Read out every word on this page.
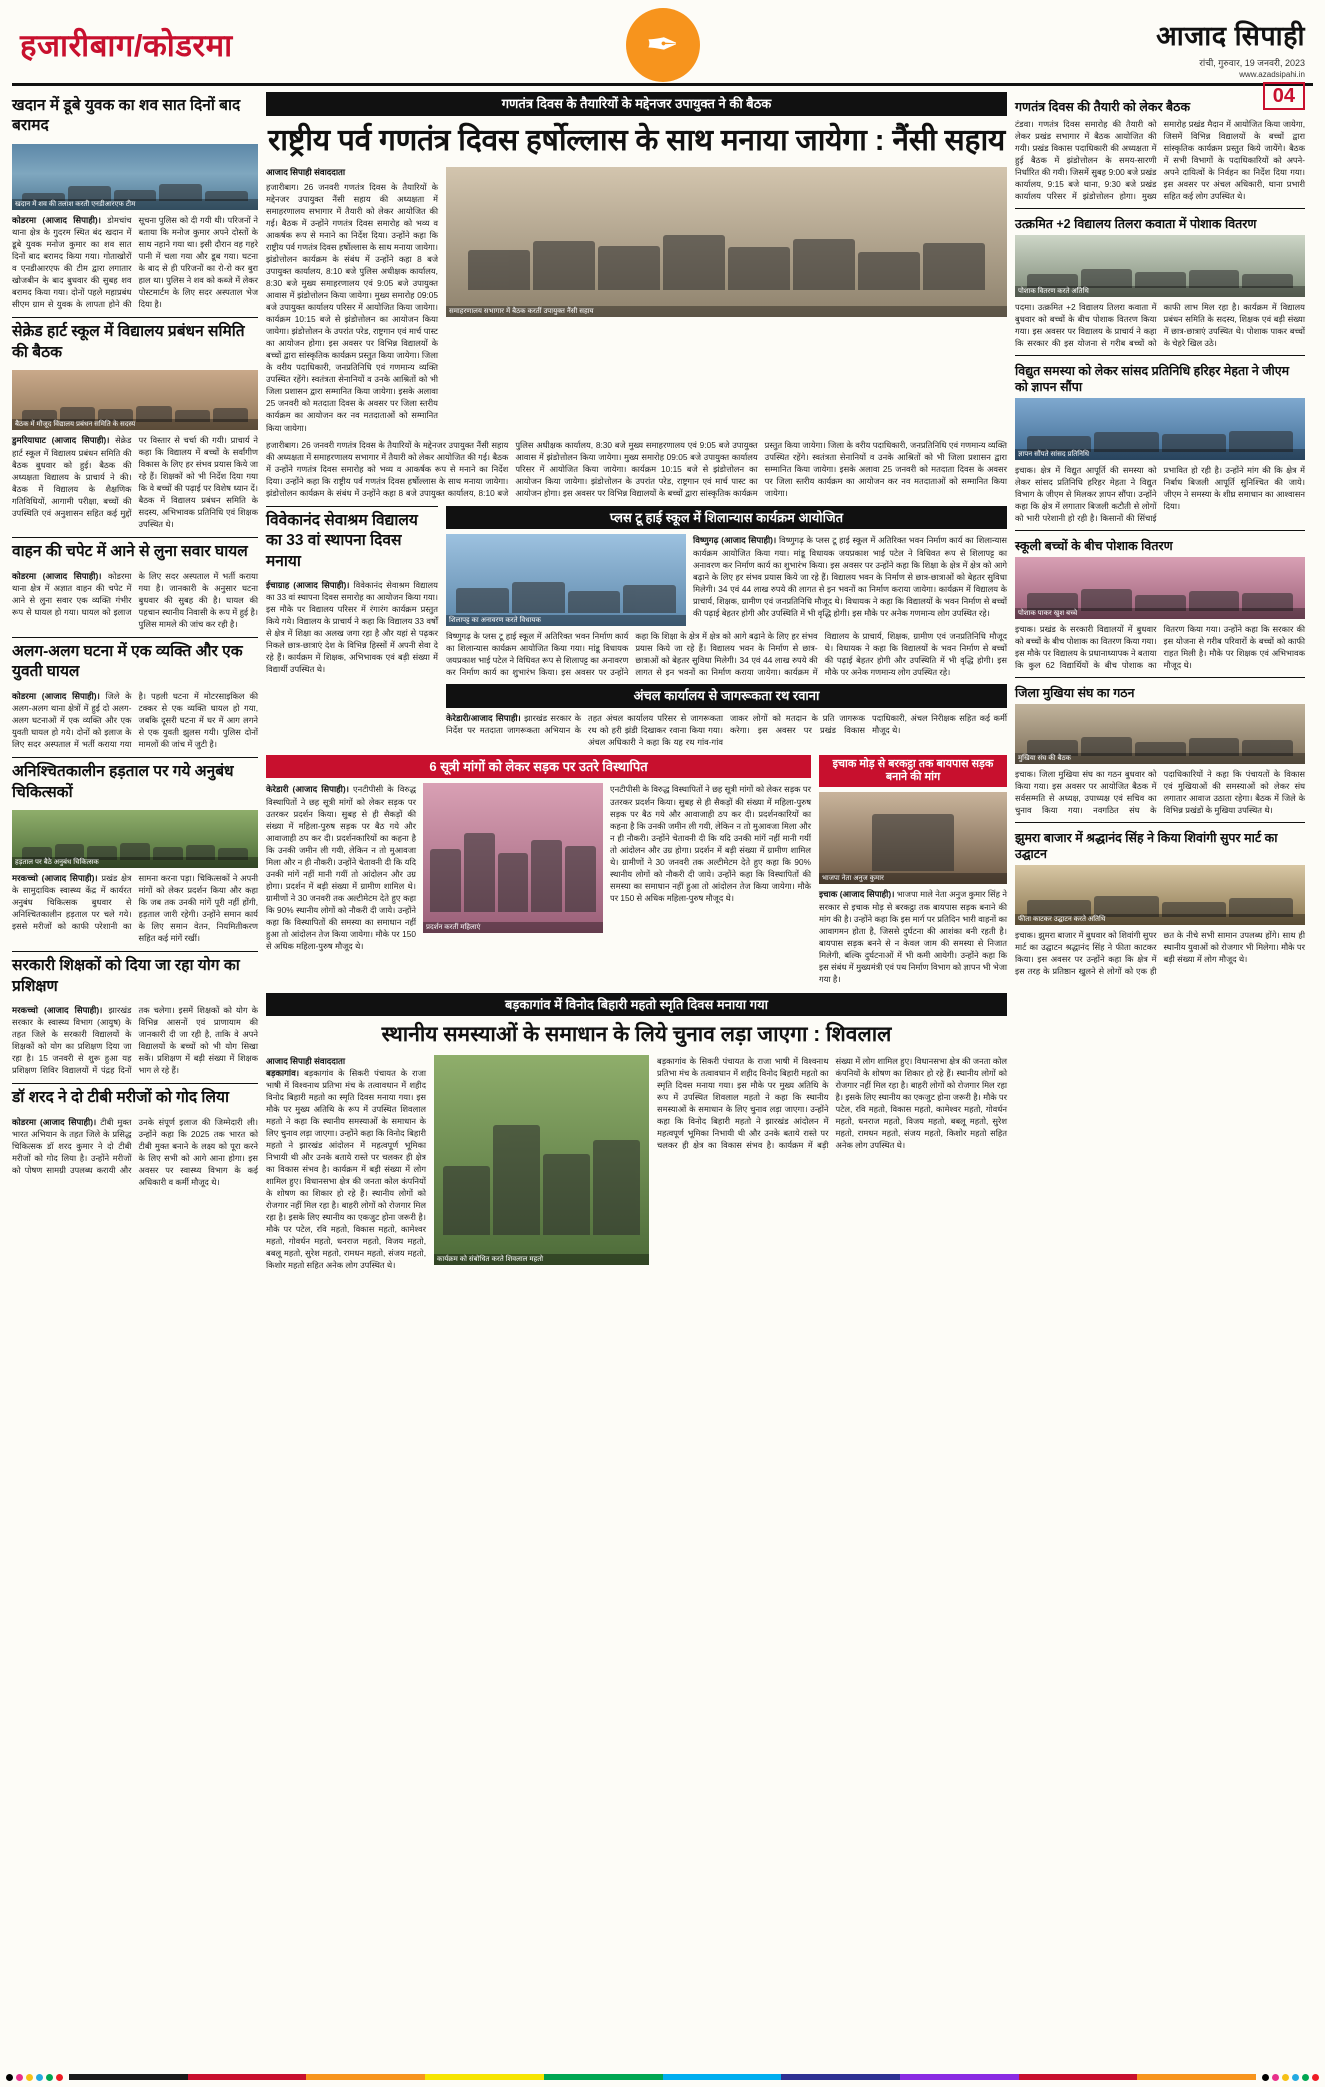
हजारीबाग/कोडरमा	✒	आजाद सिपाही
रांची, गुरुवार, 19 जनवरी, 2023
www.azadsipahi.in
04
खदान में डूबे युवक का शव सात दिनों बाद बरामद
खदान में शव की तलाश करती एनडीआरएफ टीम
कोडरमा (आजाद सिपाही)। डोमचांच थाना क्षेत्र के गुदरम स्थित बंद खदान में डूबे युवक मनोज कुमार का शव सात दिनों बाद बरामद किया गया। गोताखोरों व एनडीआरएफ की टीम द्वारा लगातार खोजबीन के बाद बुधवार की सुबह शव बरामद किया गया। दोनों पहले महाप्रबंध सीएम ग्राम से युवक के लापता होने की सूचना पुलिस को दी गयी थी। परिजनों ने बताया कि मनोज कुमार अपने दोस्तों के साथ नहाने गया था। इसी दौरान वह गहरे पानी में चला गया और डूब गया। घटना के बाद से ही परिजनों का रो-रो कर बुरा हाल था। पुलिस ने शव को कब्जे में लेकर पोस्टमार्टम के लिए सदर अस्पताल भेज दिया है।
सेक्रेड हार्ट स्कूल में विद्यालय प्रबंधन समिति की बैठक
बैठक में मौजूद विद्यालय प्रबंधन समिति के सदस्य
डुमरियाघाट (आजाद सिपाही)। सेक्रेड हार्ट स्कूल में विद्यालय प्रबंधन समिति की बैठक बुधवार को हुई। बैठक की अध्यक्षता विद्यालय के प्राचार्य ने की। बैठक में विद्यालय के शैक्षणिक गतिविधियों, आगामी परीक्षा, बच्चों की उपस्थिति एवं अनुशासन सहित कई मुद्दों पर विस्तार से चर्चा की गयी। प्राचार्य ने कहा कि विद्यालय में बच्चों के सर्वांगीण विकास के लिए हर संभव प्रयास किये जा रहे हैं। शिक्षकों को भी निर्देश दिया गया कि वे बच्चों की पढ़ाई पर विशेष ध्यान दें। बैठक में विद्यालय प्रबंधन समिति के सदस्य, अभिभावक प्रतिनिधि एवं शिक्षक उपस्थित थे।
वाहन की चपेट में आने से लुना सवार घायल
कोडरमा (आजाद सिपाही)। कोडरमा थाना क्षेत्र में अज्ञात वाहन की चपेट में आने से लुना सवार एक व्यक्ति गंभीर रूप से घायल हो गया। घायल को इलाज के लिए सदर अस्पताल में भर्ती कराया गया है। जानकारी के अनुसार घटना बुधवार की सुबह की है। घायल की पहचान स्थानीय निवासी के रूप में हुई है। पुलिस मामले की जांच कर रही है।
अलग-अलग घटना में एक व्यक्ति और एक युवती घायल
कोडरमा (आजाद सिपाही)। जिले के अलग-अलग थाना क्षेत्रों में हुई दो अलग-अलग घटनाओं में एक व्यक्ति और एक युवती घायल हो गये। दोनों को इलाज के लिए सदर अस्पताल में भर्ती कराया गया है। पहली घटना में मोटरसाइकिल की टक्कर से एक व्यक्ति घायल हो गया, जबकि दूसरी घटना में घर में आग लगने से एक युवती झुलस गयी। पुलिस दोनों मामलों की जांच में जुटी है।
अनिश्चितकालीन हड़ताल पर गये अनुबंध चिकित्सकों
हड़ताल पर बैठे अनुबंध चिकित्सक
मरकच्चो (आजाद सिपाही)। प्रखंड क्षेत्र के सामुदायिक स्वास्थ्य केंद्र में कार्यरत अनुबंध चिकित्सक बुधवार से अनिश्चितकालीन हड़ताल पर चले गये। इससे मरीजों को काफी परेशानी का सामना करना पड़ा। चिकित्सकों ने अपनी मांगों को लेकर प्रदर्शन किया और कहा कि जब तक उनकी मांगें पूरी नहीं होंगी, हड़ताल जारी रहेगी। उन्होंने समान कार्य के लिए समान वेतन, नियमितीकरण सहित कई मांगें रखीं।
सरकारी शिक्षकों को दिया जा रहा योग का प्रशिक्षण
मरकच्चो (आजाद सिपाही)। झारखंड सरकार के स्वास्थ्य विभाग (आयुष) के तहत जिले के सरकारी विद्यालयों के शिक्षकों को योग का प्रशिक्षण दिया जा रहा है। 15 जनवरी से शुरू हुआ यह प्रशिक्षण शिविर विद्यालयों में पंद्रह दिनों तक चलेगा। इसमें शिक्षकों को योग के विभिन्न आसनों एवं प्राणायाम की जानकारी दी जा रही है, ताकि वे अपने विद्यालयों के बच्चों को भी योग सिखा सकें। प्रशिक्षण में बड़ी संख्या में शिक्षक भाग ले रहे हैं।
डॉ शरद ने दो टीबी मरीजों को गोद लिया
कोडरमा (आजाद सिपाही)। टीबी मुक्त भारत अभियान के तहत जिले के प्रसिद्ध चिकित्सक डॉ शरद कुमार ने दो टीबी मरीजों को गोद लिया है। उन्होंने मरीजों को पोषण सामग्री उपलब्ध करायी और उनके संपूर्ण इलाज की जिम्मेदारी ली। उन्होंने कहा कि 2025 तक भारत को टीबी मुक्त बनाने के लक्ष्य को पूरा करने के लिए सभी को आगे आना होगा। इस अवसर पर स्वास्थ्य विभाग के कई अधिकारी व कर्मी मौजूद थे।
गणतंत्र दिवस के तैयारियों के मद्देनजर उपायुक्त ने की बैठक
राष्ट्रीय पर्व गणतंत्र दिवस हर्षोल्लास के साथ मनाया जायेगा : नैंसी सहाय
आजाद सिपाही संवाददाता
हजारीबाग। 26 जनवरी गणतंत्र दिवस के तैयारियों के मद्देनजर उपायुक्त नैंसी सहाय की अध्यक्षता में समाहरणालय सभागार में तैयारी को लेकर आयोजित की गई। बैठक में उन्होंने गणतंत्र दिवस समारोह को भव्य व आकर्षक रूप से मनाने का निर्देश दिया। उन्होंने कहा कि राष्ट्रीय पर्व गणतंत्र दिवस हर्षोल्लास के साथ मनाया जायेगा। झंडोत्तोलन कार्यक्रम के संबंध में उन्होंने कहा 8 बजे उपायुक्त कार्यालय, 8:10 बजे पुलिस अधीक्षक कार्यालय, 8:30 बजे मुख्य समाहरणालय एवं 9:05 बजे उपायुक्त आवास में झंडोत्तोलन किया जायेगा। मुख्य समारोह 09:05 बजे उपायुक्त कार्यालय परिसर में आयोजित किया जायेगा। कार्यक्रम 10:15 बजे से झंडोत्तोलन का आयोजन किया जायेगा। झंडोत्तोलन के उपरांत परेड, राष्ट्रगान एवं मार्च पास्ट का आयोजन होगा। इस अवसर पर विभिन्न विद्यालयों के बच्चों द्वारा सांस्कृतिक कार्यक्रम प्रस्तुत किया जायेगा। जिला के वरीय पदाधिकारी, जनप्रतिनिधि एवं गणमान्य व्यक्ति उपस्थित रहेंगे। स्वतंत्रता सेनानियों व उनके आश्रितों को भी जिला प्रशासन द्वारा सम्मानित किया जायेगा। इसके अलावा 25 जनवरी को मतदाता दिवस के अवसर पर जिला स्तरीय कार्यक्रम का आयोजन कर नव मतदाताओं को सम्मानित किया जायेगा।
समाहरणालय सभागार में बैठक करतीं उपायुक्त नैंसी सहाय
हजारीबाग। 26 जनवरी गणतंत्र दिवस के तैयारियों के मद्देनजर उपायुक्त नैंसी सहाय की अध्यक्षता में समाहरणालय सभागार में तैयारी को लेकर आयोजित की गई। बैठक में उन्होंने गणतंत्र दिवस समारोह को भव्य व आकर्षक रूप से मनाने का निर्देश दिया। उन्होंने कहा कि राष्ट्रीय पर्व गणतंत्र दिवस हर्षोल्लास के साथ मनाया जायेगा। झंडोत्तोलन कार्यक्रम के संबंध में उन्होंने कहा 8 बजे उपायुक्त कार्यालय, 8:10 बजे पुलिस अधीक्षक कार्यालय, 8:30 बजे मुख्य समाहरणालय एवं 9:05 बजे उपायुक्त आवास में झंडोत्तोलन किया जायेगा। मुख्य समारोह 09:05 बजे उपायुक्त कार्यालय परिसर में आयोजित किया जायेगा। कार्यक्रम 10:15 बजे से झंडोत्तोलन का आयोजन किया जायेगा। झंडोत्तोलन के उपरांत परेड, राष्ट्रगान एवं मार्च पास्ट का आयोजन होगा। इस अवसर पर विभिन्न विद्यालयों के बच्चों द्वारा सांस्कृतिक कार्यक्रम प्रस्तुत किया जायेगा। जिला के वरीय पदाधिकारी, जनप्रतिनिधि एवं गणमान्य व्यक्ति उपस्थित रहेंगे। स्वतंत्रता सेनानियों व उनके आश्रितों को भी जिला प्रशासन द्वारा सम्मानित किया जायेगा। इसके अलावा 25 जनवरी को मतदाता दिवस के अवसर पर जिला स्तरीय कार्यक्रम का आयोजन कर नव मतदाताओं को सम्मानित किया जायेगा।
विवेकानंद सेवाश्रम विद्यालय का 33 वां स्थापना दिवस मनाया
ईचाग्राह (आजाद सिपाही)। विवेकानंद सेवाश्रम विद्यालय का 33 वां स्थापना दिवस समारोह का आयोजन किया गया। इस मौके पर विद्यालय परिसर में रंगारंग कार्यक्रम प्रस्तुत किये गये। विद्यालय के प्राचार्य ने कहा कि विद्यालय 33 वर्षों से क्षेत्र में शिक्षा का अलख जगा रहा है और यहां से पढ़कर निकले छात्र-छात्राएं देश के विभिन्न हिस्सों में अपनी सेवा दे रहे हैं। कार्यक्रम में शिक्षक, अभिभावक एवं बड़ी संख्या में विद्यार्थी उपस्थित थे।
प्लस टू हाई स्कूल में शिलान्यास कार्यक्रम आयोजित
शिलापट्ट का अनावरण करते विधायक
विष्णुगढ़ (आजाद सिपाही)। विष्णुगढ़ के प्लस टू हाई स्कूल में अतिरिक्त भवन निर्माण कार्य का शिलान्यास कार्यक्रम आयोजित किया गया। मांडू विधायक जयप्रकाश भाई पटेल ने विधिवत रूप से शिलापट्ट का अनावरण कर निर्माण कार्य का शुभारंभ किया। इस अवसर पर उन्होंने कहा कि शिक्षा के क्षेत्र में क्षेत्र को आगे बढ़ाने के लिए हर संभव प्रयास किये जा रहे हैं। विद्यालय भवन के निर्माण से छात्र-छात्राओं को बेहतर सुविधा मिलेगी। 34 एवं 44 लाख रुपये की लागत से इन भवनों का निर्माण कराया जायेगा। कार्यक्रम में विद्यालय के प्राचार्य, शिक्षक, ग्रामीण एवं जनप्रतिनिधि मौजूद थे। विधायक ने कहा कि विद्यालयों के भवन निर्माण से बच्चों की पढ़ाई बेहतर होगी और उपस्थिति में भी वृद्धि होगी। इस मौके पर अनेक गणमान्य लोग उपस्थित रहे।
विष्णुगढ़ के प्लस टू हाई स्कूल में अतिरिक्त भवन निर्माण कार्य का शिलान्यास कार्यक्रम आयोजित किया गया। मांडू विधायक जयप्रकाश भाई पटेल ने विधिवत रूप से शिलापट्ट का अनावरण कर निर्माण कार्य का शुभारंभ किया। इस अवसर पर उन्होंने कहा कि शिक्षा के क्षेत्र में क्षेत्र को आगे बढ़ाने के लिए हर संभव प्रयास किये जा रहे हैं। विद्यालय भवन के निर्माण से छात्र-छात्राओं को बेहतर सुविधा मिलेगी। 34 एवं 44 लाख रुपये की लागत से इन भवनों का निर्माण कराया जायेगा। कार्यक्रम में विद्यालय के प्राचार्य, शिक्षक, ग्रामीण एवं जनप्रतिनिधि मौजूद थे। विधायक ने कहा कि विद्यालयों के भवन निर्माण से बच्चों की पढ़ाई बेहतर होगी और उपस्थिति में भी वृद्धि होगी। इस मौके पर अनेक गणमान्य लोग उपस्थित रहे।
अंचल कार्यालय से जागरूकता रथ रवाना
केरेडारी/आजाद सिपाही। झारखंड सरकार के निर्देश पर मतदाता जागरूकता अभियान के तहत अंचल कार्यालय परिसर से जागरूकता रथ को हरी झंडी दिखाकर रवाना किया गया। अंचल अधिकारी ने कहा कि यह रथ गांव-गांव जाकर लोगों को मतदान के प्रति जागरूक करेगा। इस अवसर पर प्रखंड विकास पदाधिकारी, अंचल निरीक्षक सहित कई कर्मी मौजूद थे।
6 सूत्री मांगों को लेकर सड़क पर उतरे विस्थापित
केरेडारी (आजाद सिपाही)। एनटीपीसी के विरुद्ध विस्थापितों ने छह सूत्री मांगों को लेकर सड़क पर उतरकर प्रदर्शन किया। सुबह से ही सैकड़ों की संख्या में महिला-पुरुष सड़क पर बैठ गये और आवाजाही ठप कर दी। प्रदर्शनकारियों का कहना है कि उनकी जमीन ली गयी, लेकिन न तो मुआवजा मिला और न ही नौकरी। उन्होंने चेतावनी दी कि यदि उनकी मांगें नहीं मानी गयीं तो आंदोलन और उग्र होगा। प्रदर्शन में बड़ी संख्या में ग्रामीण शामिल थे। ग्रामीणों ने 30 जनवरी तक अल्टीमेटम देते हुए कहा कि 90% स्थानीय लोगों को नौकरी दी जाये। उन्होंने कहा कि विस्थापितों की समस्या का समाधान नहीं हुआ तो आंदोलन तेज किया जायेगा। मौके पर 150 से अधिक महिला-पुरुष मौजूद थे।
प्रदर्शन करतीं महिलाएं
एनटीपीसी के विरुद्ध विस्थापितों ने छह सूत्री मांगों को लेकर सड़क पर उतरकर प्रदर्शन किया। सुबह से ही सैकड़ों की संख्या में महिला-पुरुष सड़क पर बैठ गये और आवाजाही ठप कर दी। प्रदर्शनकारियों का कहना है कि उनकी जमीन ली गयी, लेकिन न तो मुआवजा मिला और न ही नौकरी। उन्होंने चेतावनी दी कि यदि उनकी मांगें नहीं मानी गयीं तो आंदोलन और उग्र होगा। प्रदर्शन में बड़ी संख्या में ग्रामीण शामिल थे। ग्रामीणों ने 30 जनवरी तक अल्टीमेटम देते हुए कहा कि 90% स्थानीय लोगों को नौकरी दी जाये। उन्होंने कहा कि विस्थापितों की समस्या का समाधान नहीं हुआ तो आंदोलन तेज किया जायेगा। मौके पर 150 से अधिक महिला-पुरुष मौजूद थे।
इचाक मोड़ से बरकट्ठा तक बायपास सड़क बनाने की मांग
भाजपा नेता अनुज कुमार
इचाक (आजाद सिपाही)। भाजपा माले नेता अनुज कुमार सिंह ने सरकार से इचाक मोड़ से बरकट्ठा तक बायपास सड़क बनाने की मांग की है। उन्होंने कहा कि इस मार्ग पर प्रतिदिन भारी वाहनों का आवागमन होता है, जिससे दुर्घटना की आशंका बनी रहती है। बायपास सड़क बनने से न केवल जाम की समस्या से निजात मिलेगी, बल्कि दुर्घटनाओं में भी कमी आयेगी। उन्होंने कहा कि इस संबंध में मुख्यमंत्री एवं पथ निर्माण विभाग को ज्ञापन भी भेजा गया है।
बड़कागांव में विनोद बिहारी महतो स्मृति दिवस मनाया गया
स्थानीय समस्याओं के समाधान के लिये चुनाव लड़ा जाएगा : शिवलाल
आजाद सिपाही संवाददाता
बड़कागांव। बड़कागांव के सिकरी पंचायत के राजा भाषी में विश्वनाथ प्रतिभा मंच के तत्वावधान में शहीद विनोद बिहारी महतो का स्मृति दिवस मनाया गया। इस मौके पर मुख्य अतिथि के रूप में उपस्थित शिवलाल महतो ने कहा कि स्थानीय समस्याओं के समाधान के लिए चुनाव लड़ा जाएगा। उन्होंने कहा कि विनोद बिहारी महतो ने झारखंड आंदोलन में महत्वपूर्ण भूमिका निभायी थी और उनके बताये रास्ते पर चलकर ही क्षेत्र का विकास संभव है। कार्यक्रम में बड़ी संख्या में लोग शामिल हुए। विधानसभा क्षेत्र की जनता कोल कंपनियों के शोषण का शिकार हो रहे हैं। स्थानीय लोगों को रोजगार नहीं मिल रहा है। बाहरी लोगों को रोजगार मिल रहा है। इसके लिए स्थानीय का एकजुट होना जरूरी है। मौके पर पटेल, रवि महतो, विकास महतो, कामेश्वर महतो, गोवर्धन महतो, धनराज महतो, विजय महतो, बबलू महतो, सुरेश महतो, रामधन महतो, संजय महतो, किशोर महतो सहित अनेक लोग उपस्थित थे।
कार्यक्रम को संबोधित करते शिवलाल महतो
बड़कागांव के सिकरी पंचायत के राजा भाषी में विश्वनाथ प्रतिभा मंच के तत्वावधान में शहीद विनोद बिहारी महतो का स्मृति दिवस मनाया गया। इस मौके पर मुख्य अतिथि के रूप में उपस्थित शिवलाल महतो ने कहा कि स्थानीय समस्याओं के समाधान के लिए चुनाव लड़ा जाएगा। उन्होंने कहा कि विनोद बिहारी महतो ने झारखंड आंदोलन में महत्वपूर्ण भूमिका निभायी थी और उनके बताये रास्ते पर चलकर ही क्षेत्र का विकास संभव है। कार्यक्रम में बड़ी संख्या में लोग शामिल हुए। विधानसभा क्षेत्र की जनता कोल कंपनियों के शोषण का शिकार हो रहे हैं। स्थानीय लोगों को रोजगार नहीं मिल रहा है। बाहरी लोगों को रोजगार मिल रहा है। इसके लिए स्थानीय का एकजुट होना जरूरी है। मौके पर पटेल, रवि महतो, विकास महतो, कामेश्वर महतो, गोवर्धन महतो, धनराज महतो, विजय महतो, बबलू महतो, सुरेश महतो, रामधन महतो, संजय महतो, किशोर महतो सहित अनेक लोग उपस्थित थे।
गणतंत्र दिवस की तैयारी को लेकर बैठक
टंडवा। गणतंत्र दिवस समारोह की तैयारी को लेकर प्रखंड सभागार में बैठक आयोजित की गयी। प्रखंड विकास पदाधिकारी की अध्यक्षता में हुई बैठक में झंडोत्तोलन के समय-सारणी निर्धारित की गयी। जिसमें सुबह 9:00 बजे प्रखंड कार्यालय, 9:15 बजे थाना, 9:30 बजे प्रखंड कार्यालय परिसर में झंडोत्तोलन होगा। मुख्य समारोह प्रखंड मैदान में आयोजित किया जायेगा, जिसमें विभिन्न विद्यालयों के बच्चों द्वारा सांस्कृतिक कार्यक्रम प्रस्तुत किये जायेंगे। बैठक में सभी विभागों के पदाधिकारियों को अपने-अपने दायित्वों के निर्वहन का निर्देश दिया गया। इस अवसर पर अंचल अधिकारी, थाना प्रभारी सहित कई लोग उपस्थित थे।
उत्क्रमित +2 विद्यालय तिलरा कवाता में पोशाक वितरण
पोशाक वितरण करते अतिथि
पदमा। उत्क्रमित +2 विद्यालय तिलरा कवाता में बुधवार को बच्चों के बीच पोशाक वितरण किया गया। इस अवसर पर विद्यालय के प्राचार्य ने कहा कि सरकार की इस योजना से गरीब बच्चों को काफी लाभ मिल रहा है। कार्यक्रम में विद्यालय प्रबंधन समिति के सदस्य, शिक्षक एवं बड़ी संख्या में छात्र-छात्राएं उपस्थित थे। पोशाक पाकर बच्चों के चेहरे खिल उठे।
विद्युत समस्या को लेकर सांसद प्रतिनिधि हरिहर मेहता ने जीएम को ज्ञापन सौंपा
ज्ञापन सौंपते सांसद प्रतिनिधि
इचाक। क्षेत्र में विद्युत आपूर्ति की समस्या को लेकर सांसद प्रतिनिधि हरिहर मेहता ने विद्युत विभाग के जीएम से मिलकर ज्ञापन सौंपा। उन्होंने कहा कि क्षेत्र में लगातार बिजली कटौती से लोगों को भारी परेशानी हो रही है। किसानों की सिंचाई प्रभावित हो रही है। उन्होंने मांग की कि क्षेत्र में निर्बाध बिजली आपूर्ति सुनिश्चित की जाये। जीएम ने समस्या के शीघ्र समाधान का आश्वासन दिया।
स्कूली बच्चों के बीच पोशाक वितरण
पोशाक पाकर खुश बच्चे
इचाक। प्रखंड के सरकारी विद्यालयों में बुधवार को बच्चों के बीच पोशाक का वितरण किया गया। इस मौके पर विद्यालय के प्रधानाध्यापक ने बताया कि कुल 62 विद्यार्थियों के बीच पोशाक का वितरण किया गया। उन्होंने कहा कि सरकार की इस योजना से गरीब परिवारों के बच्चों को काफी राहत मिली है। मौके पर शिक्षक एवं अभिभावक मौजूद थे।
जिला मुखिया संघ का गठन
मुखिया संघ की बैठक
इचाक। जिला मुखिया संघ का गठन बुधवार को किया गया। इस अवसर पर आयोजित बैठक में सर्वसम्मति से अध्यक्ष, उपाध्यक्ष एवं सचिव का चुनाव किया गया। नवगठित संघ के पदाधिकारियों ने कहा कि पंचायतों के विकास एवं मुखियाओं की समस्याओं को लेकर संघ लगातार आवाज उठाता रहेगा। बैठक में जिले के विभिन्न प्रखंडों के मुखिया उपस्थित थे।
झुमरा बाजार में श्रद्धानंद सिंह ने किया शिवांगी सुपर मार्ट का उद्घाटन
फीता काटकर उद्घाटन करते अतिथि
इचाक। झुमरा बाजार में बुधवार को शिवांगी सुपर मार्ट का उद्घाटन श्रद्धानंद सिंह ने फीता काटकर किया। इस अवसर पर उन्होंने कहा कि क्षेत्र में इस तरह के प्रतिष्ठान खुलने से लोगों को एक ही छत के नीचे सभी सामान उपलब्ध होंगे। साथ ही स्थानीय युवाओं को रोजगार भी मिलेगा। मौके पर बड़ी संख्या में लोग मौजूद थे।
